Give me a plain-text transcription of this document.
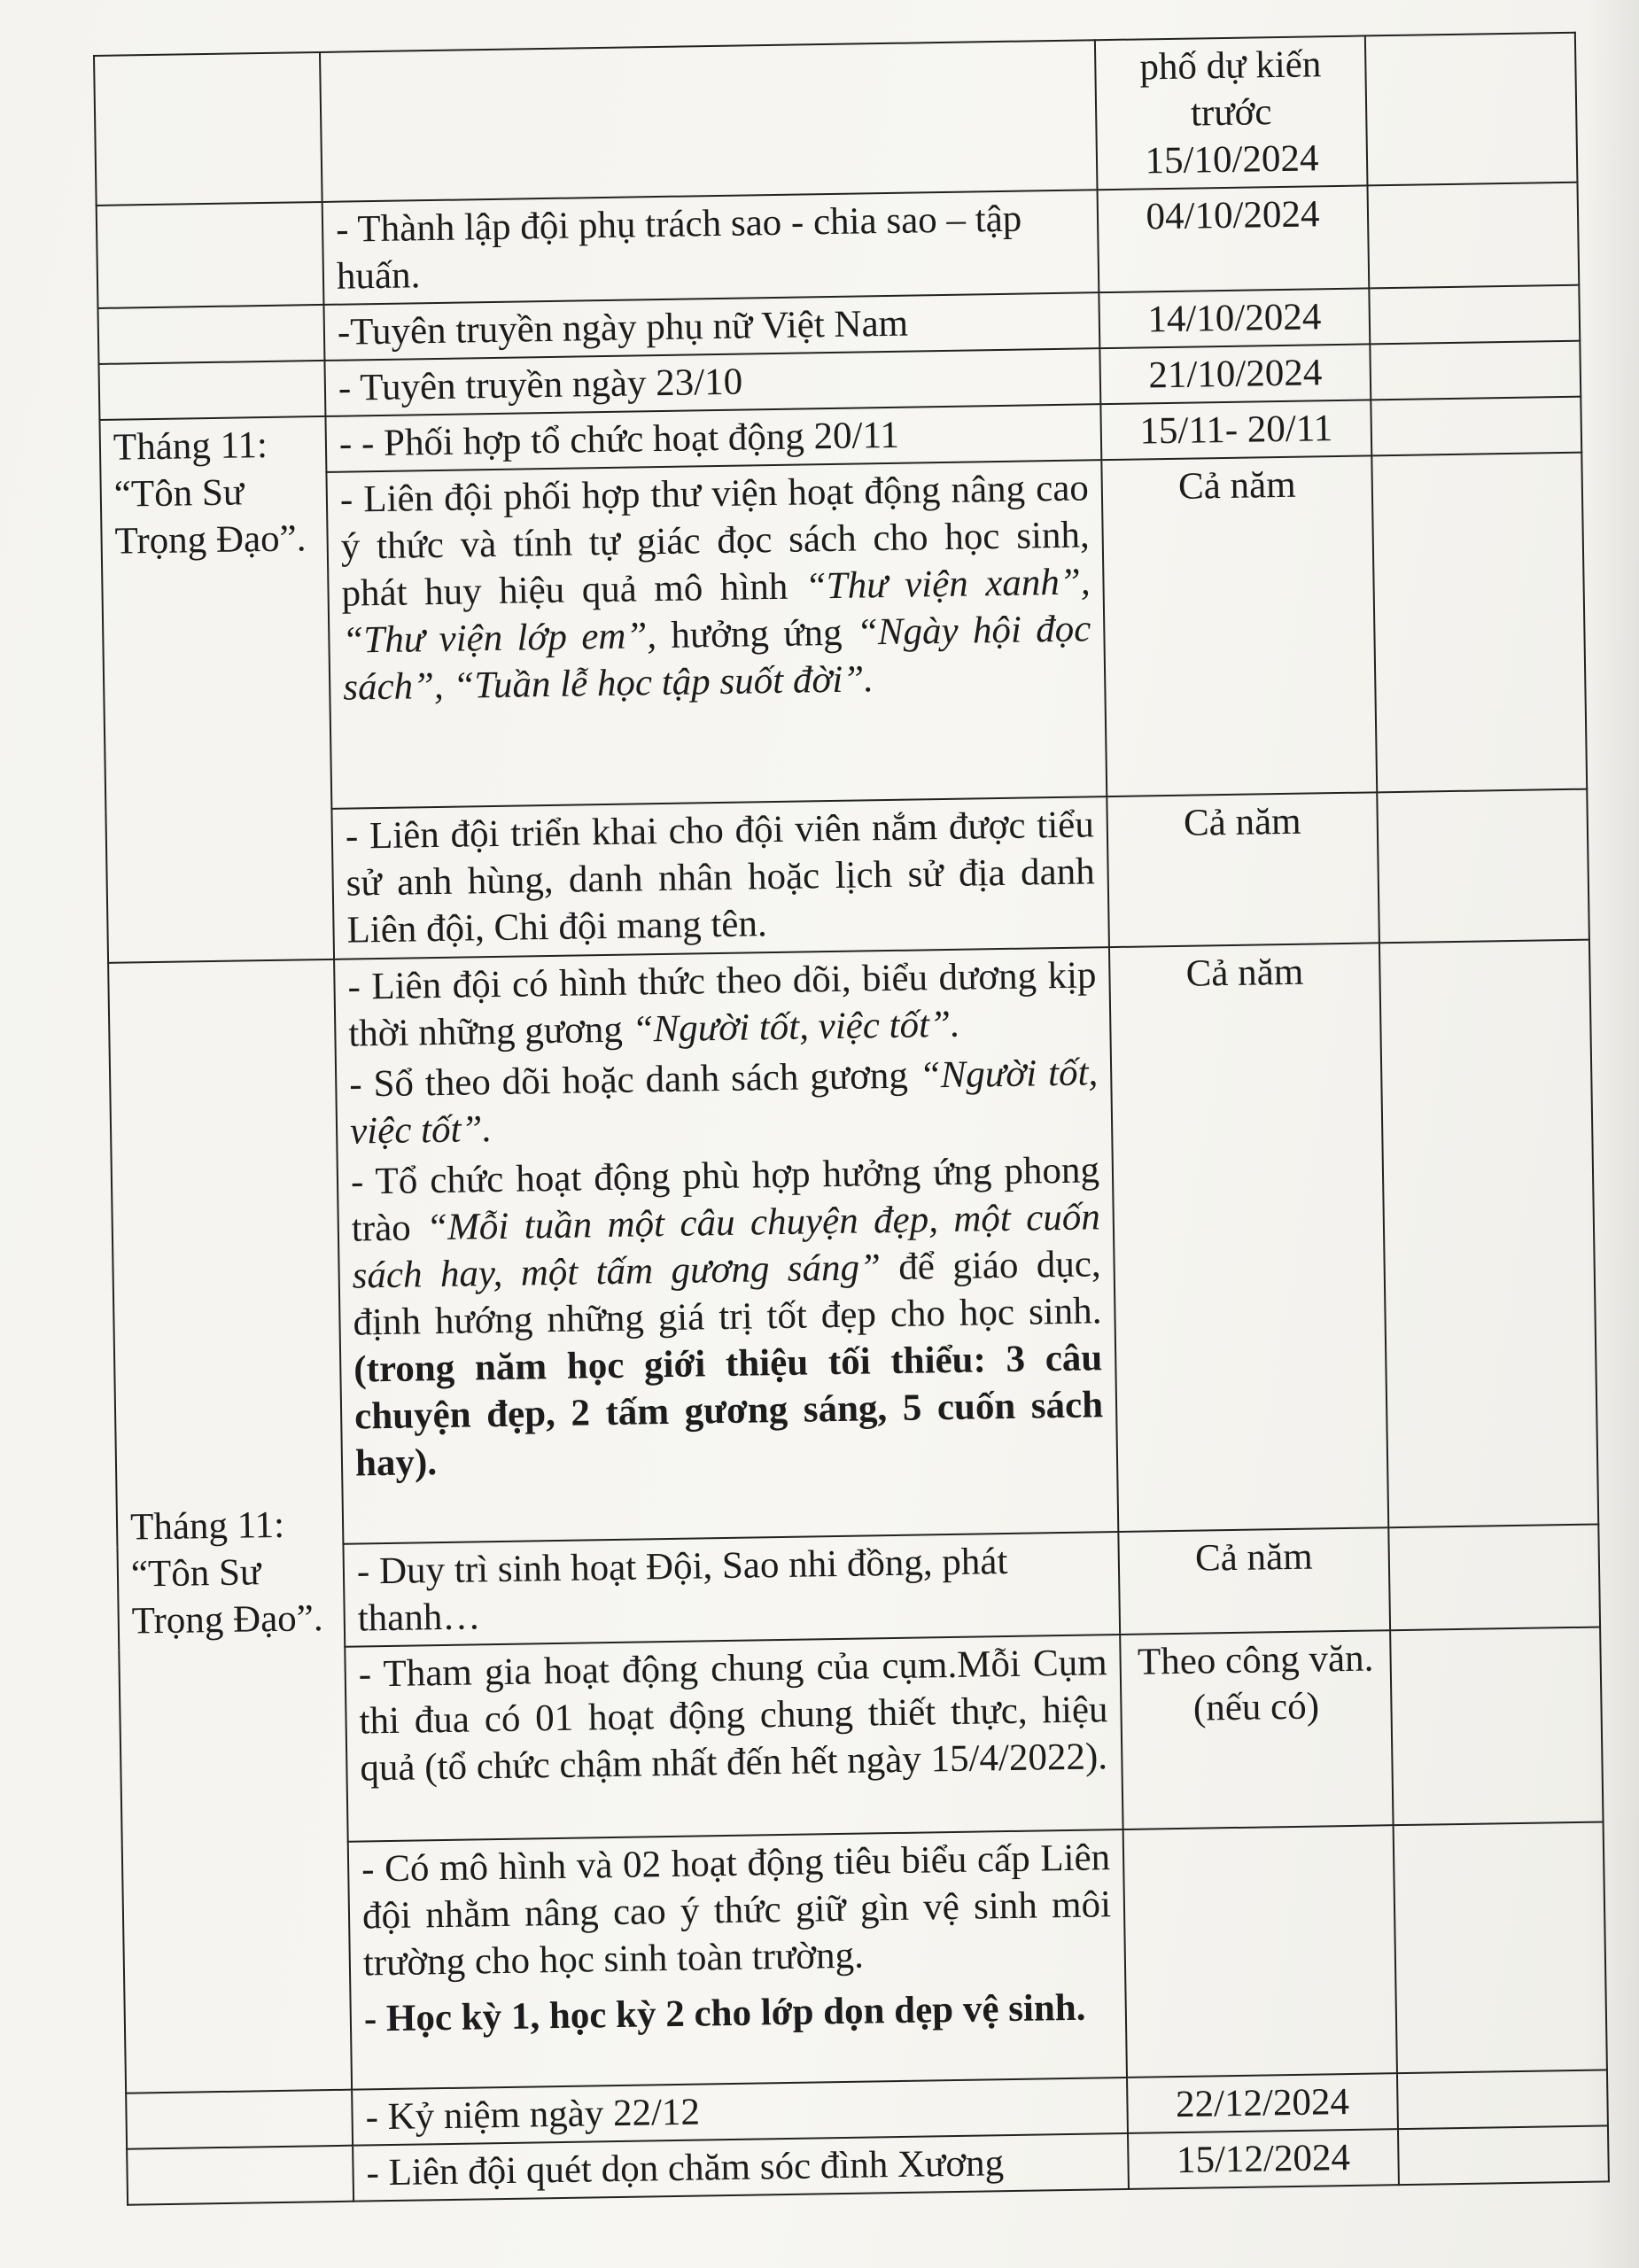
		phố dự kiến trước 15/10/2024	
	- Thành lập đội phụ trách sao - chia sao – tập huấn.	04/10/2024	
	-Tuyên truyền ngày phụ nữ Việt Nam	14/10/2024	
	- Tuyên truyền ngày 23/10	21/10/2024	
Tháng 11: “Tôn Sư Trọng Đạo”.	- - Phối hợp tổ chức hoạt động 20/11	15/11- 20/11	
	- Liên đội phối hợp thư viện hoạt động nâng cao ý thức và tính tự giác đọc sách cho học sinh, phát huy hiệu quả mô hình “Thư viện xanh”, “Thư viện lớp em”, hưởng ứng “Ngày hội đọc sách”, “Tuần lễ học tập suốt đời”.	Cả năm	
	- Liên đội triển khai cho đội viên nắm được tiểu sử anh hùng, danh nhân hoặc lịch sử địa danh Liên đội, Chi đội mang tên.	Cả năm	
Tháng 11: “Tôn Sư Trọng Đạo”.	- Liên đội có hình thức theo dõi, biểu dương kịp thời những gương “Người tốt, việc tốt”.
- Sổ theo dõi hoặc danh sách gương “Người tốt, việc tốt”.
- Tổ chức hoạt động phù hợp hưởng ứng phong trào “Mỗi tuần một câu chuyện đẹp, một cuốn sách hay, một tấm gương sáng” để giáo dục, định hướng những giá trị tốt đẹp cho học sinh. (trong năm học giới thiệu tối thiểu: 3 câu chuyện đẹp, 2 tấm gương sáng, 5 cuốn sách hay).	Cả năm	
	- Duy trì sinh hoạt Đội, Sao nhi đồng, phát thanh…	Cả năm	
	- Tham gia hoạt động chung của cụm.Mỗi Cụm thi đua có 01 hoạt động chung thiết thực, hiệu quả (tổ chức chậm nhất đến hết ngày 15/4/2022).	Theo công văn.(nếu có)	

	- Có mô hình và 02 hoạt động tiêu biểu cấp Liên đội nhằm nâng cao ý thức giữ gìn vệ sinh môi trường cho học sinh toàn trường.
- Học kỳ 1, học kỳ 2 cho lớp dọn dẹp vệ sinh.		

	- Kỷ niệm ngày 22/12	22/12/2024	
	- Liên đội quét dọn chăm sóc đình Xương	15/12/2024	
